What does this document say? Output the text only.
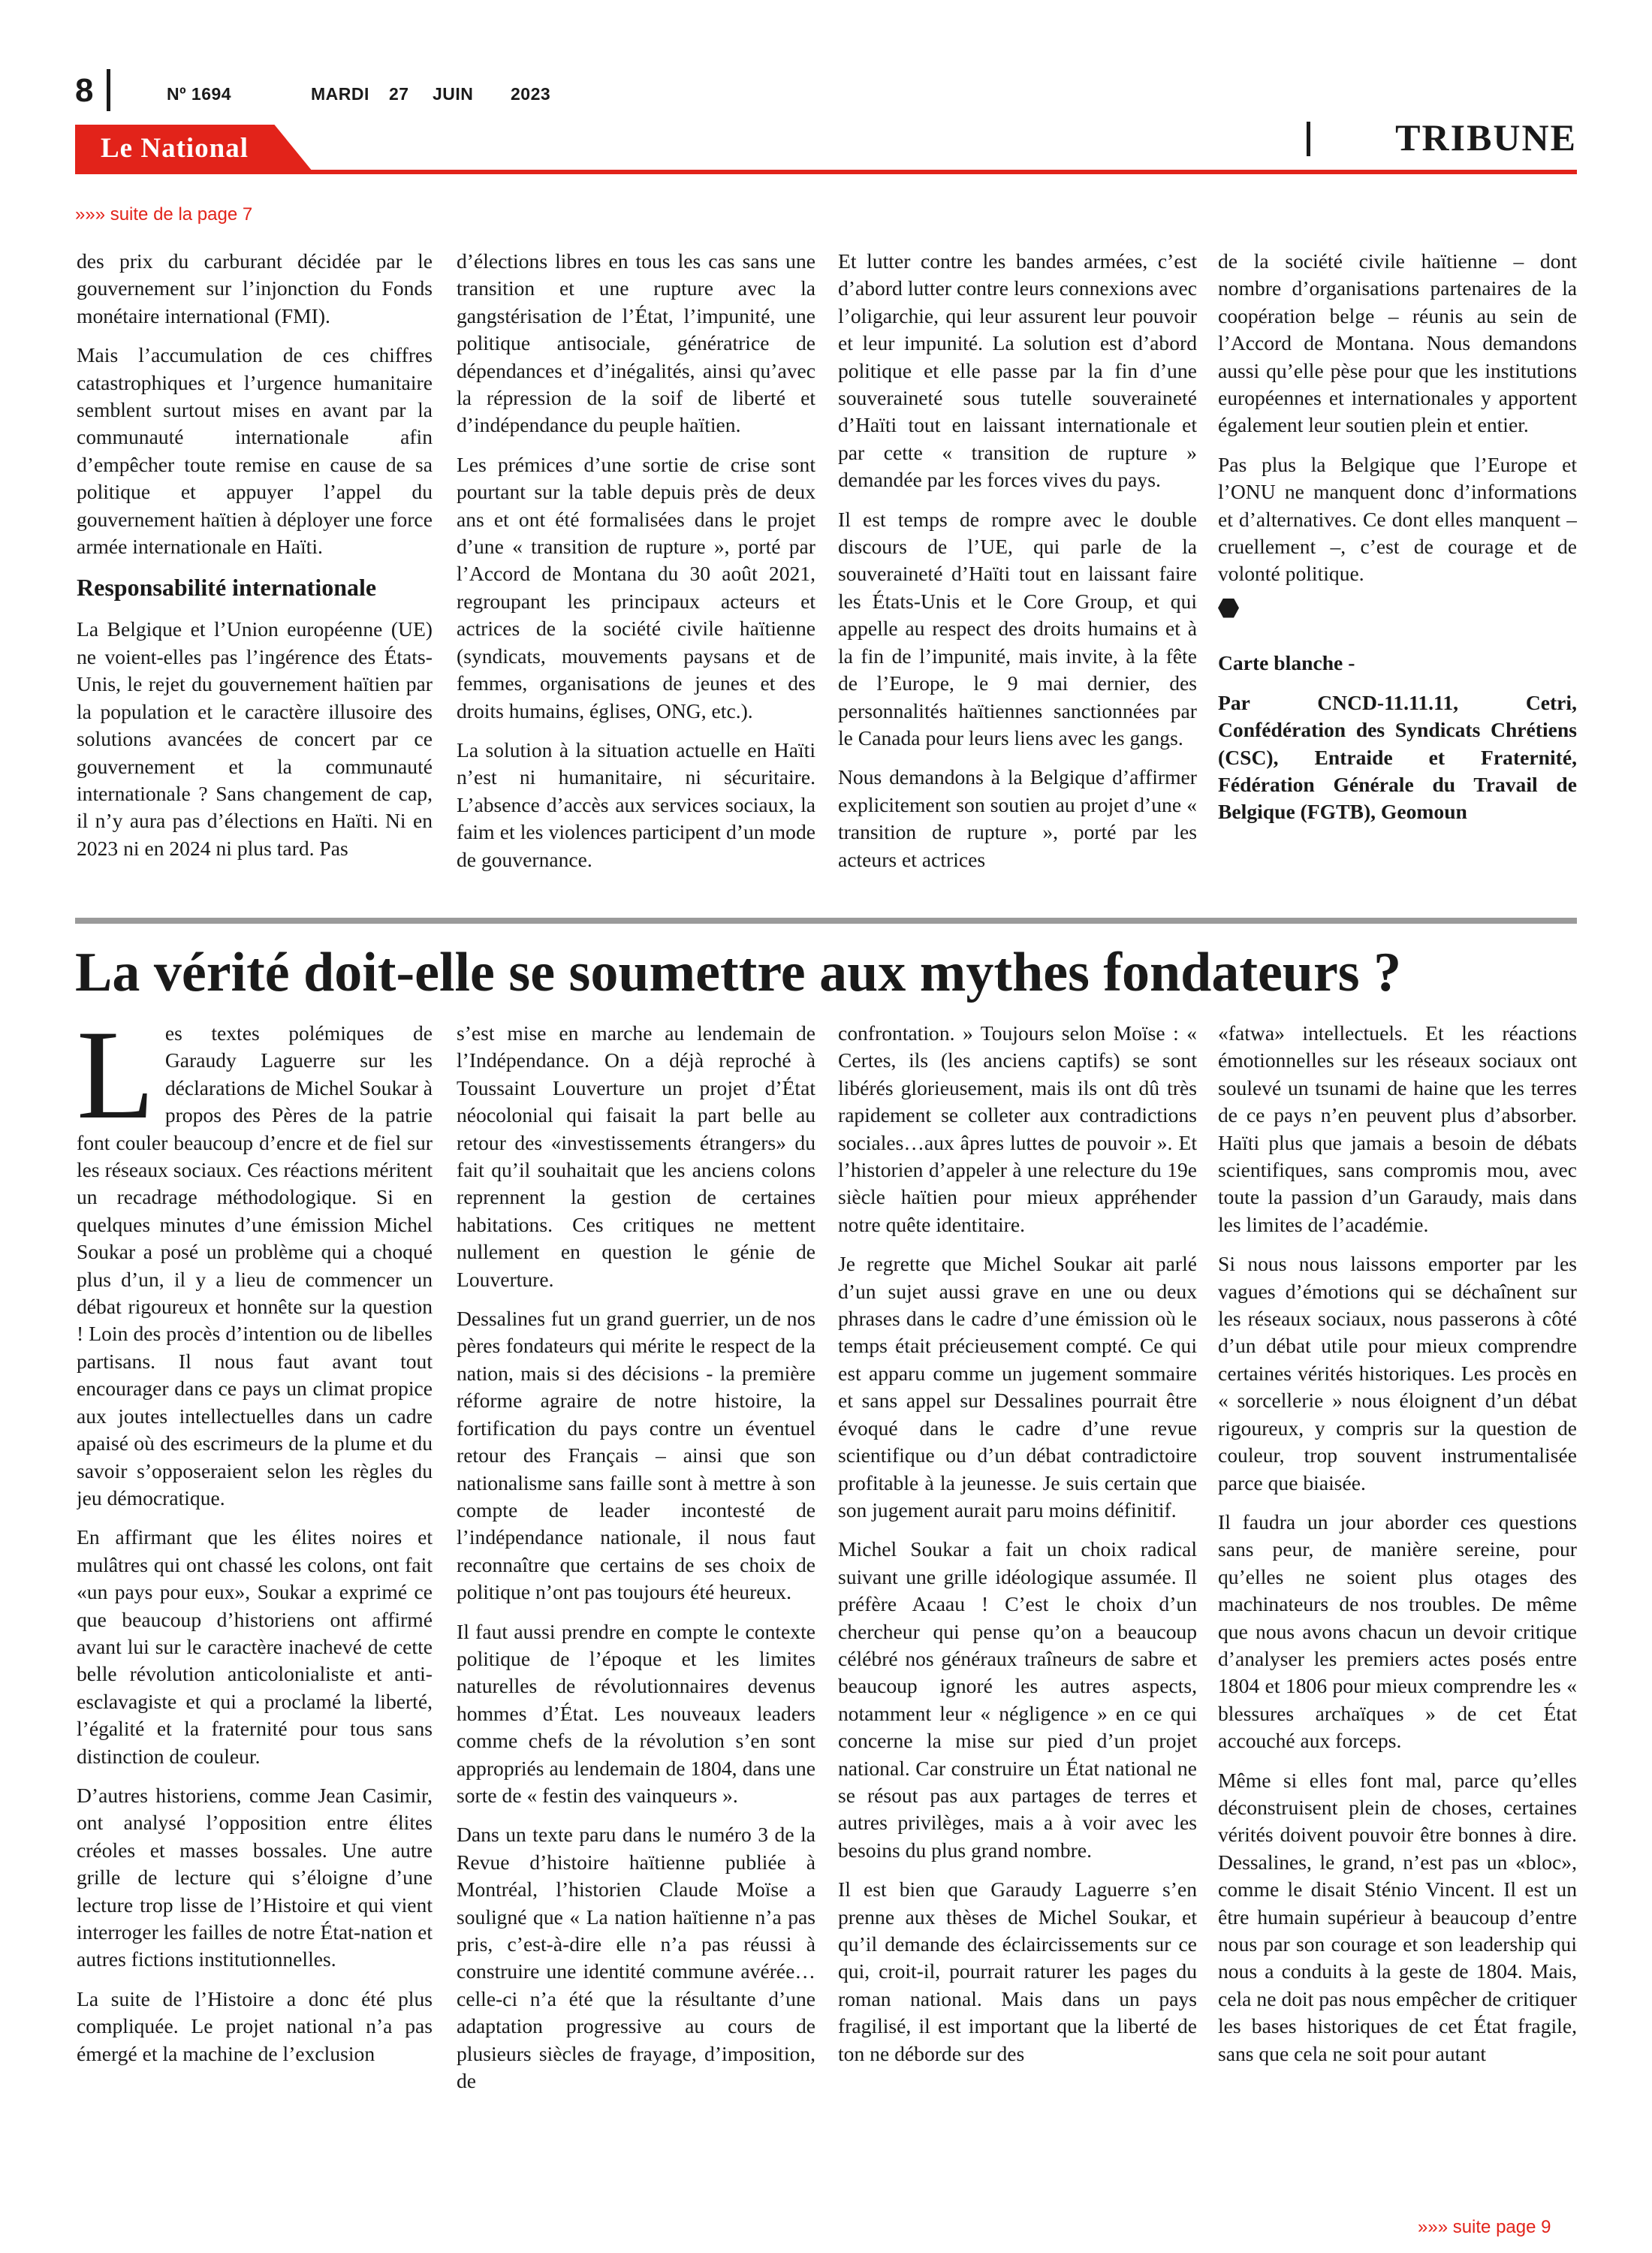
8	Nº 1694	MARDI 27 JUIN 2023
Le National	TRIBUNE
»»» suite de la page 7

des prix du carburant décidée par le gouvernement sur l’injonction du Fonds monétaire international (FMI).

Mais l’accumulation de ces chiffres catastrophiques et l’urgence humanitaire semblent surtout mises en avant par la communauté internationale afin d’empêcher toute remise en cause de sa politique et appuyer l’appel du gouvernement haïtien à déployer une force armée internationale en Haïti.

Responsabilité internationale

La Belgique et l’Union européenne (UE) ne voient-elles pas l’ingérence des États-Unis, le rejet du gouvernement haïtien par la population et le caractère illusoire des solutions avancées de concert par ce gouvernement et la communauté internationale ? Sans changement de cap, il n’y aura pas d’élections en Haïti. Ni en 2023 ni en 2024 ni plus tard. Pas

d’élections libres en tous les cas sans une transition et une rupture avec la gangstérisation de l’État, l’impunité, une politique antisociale, génératrice de dépendances et d’inégalités, ainsi qu’avec la répression de la soif de liberté et d’indépendance du peuple haïtien.

Les prémices d’une sortie de crise sont pourtant sur la table depuis près de deux ans et ont été formalisées dans le projet d’une « transition de rupture », porté par l’Accord de Montana du 30 août 2021, regroupant les principaux acteurs et actrices de la société civile haïtienne (syndicats, mouvements paysans et de femmes, organisations de jeunes et des droits humains, églises, ONG, etc.).

La solution à la situation actuelle en Haïti n’est ni humanitaire, ni sécuritaire. L’absence d’accès aux services sociaux, la faim et les violences participent d’un mode de gouvernance.

Et lutter contre les bandes armées, c’est d’abord lutter contre leurs connexions avec l’oligarchie, qui leur assurent leur pouvoir et leur impunité. La solution est d’abord politique et elle passe par la fin d’une souveraineté sous tutelle souveraineté d’Haïti tout en laissant internationale et par cette « transition de rupture » demandée par les forces vives du pays.

Il est temps de rompre avec le double discours de l’UE, qui parle de la souveraineté d’Haïti tout en laissant faire les États-Unis et le Core Group, et qui appelle au respect des droits humains et à la fin de l’impunité, mais invite, à la fête de l’Europe, le 9 mai dernier, des personnalités haïtiennes sanctionnées par le Canada pour leurs liens avec les gangs.

Nous demandons à la Belgique d’affirmer explicitement son soutien au projet d’une « transition de rupture », porté par les acteurs et actrices

de la société civile haïtienne – dont nombre d’organisations partenaires de la coopération belge – réunis au sein de l’Accord de Montana. Nous demandons aussi qu’elle pèse pour que les institutions européennes et internationales y apportent également leur soutien plein et entier.

Pas plus la Belgique que l’Europe et l’ONU ne manquent donc d’informations et d’alternatives. Ce dont elles manquent – cruellement –, c’est de courage et de volonté politique.

Carte blanche -

Par CNCD-11.11.11, Cetri, Confédération des Syndicats Chrétiens (CSC), Entraide et Fraternité, Fédération Générale du Travail de Belgique (FGTB), Geomoun

La vérité doit-elle se soumettre aux mythes fondateurs ?

Les textes polémiques de Garaudy Laguerre sur les déclarations de Michel Soukar à propos des Pères de la patrie font couler beaucoup d’encre et de fiel sur les réseaux sociaux. Ces réactions méritent un recadrage méthodologique. Si en quelques minutes d’une émission Michel Soukar a posé un problème qui a choqué plus d’un, il y a lieu de commencer un débat rigoureux et honnête sur la question ! Loin des procès d’intention ou de libelles partisans. Il nous faut avant tout encourager dans ce pays un climat propice aux joutes intellectuelles dans un cadre apaisé où des escrimeurs de la plume et du savoir s’opposeraient selon les règles du jeu démocratique.

En affirmant que les élites noires et mulâtres qui ont chassé les colons, ont fait «un pays pour eux», Soukar a exprimé ce que beaucoup d’historiens ont affirmé avant lui sur le caractère inachevé de cette belle révolution anticolonialiste et anti-esclavagiste et qui a proclamé la liberté, l’égalité et la fraternité pour tous sans distinction de couleur.

D’autres historiens, comme Jean Casimir, ont analysé l’opposition entre élites créoles et masses bossales. Une autre grille de lecture qui s’éloigne d’une lecture trop lisse de l’Histoire et qui vient interroger les failles de notre État-nation et autres fictions institutionnelles.

La suite de l’Histoire a donc été plus compliquée. Le projet national n’a pas émergé et la machine de l’exclusion

s’est mise en marche au lendemain de l’Indépendance. On a déjà reproché à Toussaint Louverture un projet d’État néocolonial qui faisait la part belle au retour des «investissements étrangers» du fait qu’il souhaitait que les anciens colons reprennent la gestion de certaines habitations. Ces critiques ne mettent nullement en question le génie de Louverture.

Dessalines fut un grand guerrier, un de nos pères fondateurs qui mérite le respect de la nation, mais si des décisions - la première réforme agraire de notre histoire, la fortification du pays contre un éventuel retour des Français – ainsi que son nationalisme sans faille sont à mettre à son compte de leader incontesté de l’indépendance nationale, il nous faut reconnaître que certains de ses choix de politique n’ont pas toujours été heureux.

Il faut aussi prendre en compte le contexte politique de l’époque et les limites naturelles de révolutionnaires devenus hommes d’État. Les nouveaux leaders comme chefs de la révolution s’en sont appropriés au lendemain de 1804, dans une sorte de « festin des vainqueurs ».

Dans un texte paru dans le numéro 3 de la Revue d’histoire haïtienne publiée à Montréal, l’historien Claude Moïse a souligné que « La nation haïtienne n’a pas pris, c’est-à-dire elle n’a pas réussi à construire une identité commune avérée…celle-ci n’a été que la résultante d’une adaptation progressive au cours de plusieurs siècles de frayage, d’imposition, de

confrontation. » Toujours selon Moïse : « Certes, ils (les anciens captifs) se sont libérés glorieusement, mais ils ont dû très rapidement se colleter aux contradictions sociales…aux âpres luttes de pouvoir ». Et l’historien d’appeler à une relecture du 19e siècle haïtien pour mieux appréhender notre quête identitaire.

Je regrette que Michel Soukar ait parlé d’un sujet aussi grave en une ou deux phrases dans le cadre d’une émission où le temps était précieusement compté. Ce qui est apparu comme un jugement sommaire et sans appel sur Dessalines pourrait être évoqué dans le cadre d’une revue scientifique ou d’un débat contradictoire profitable à la jeunesse. Je suis certain que son jugement aurait paru moins définitif.

Michel Soukar a fait un choix radical suivant une grille idéologique assumée. Il préfère Acaau ! C’est le choix d’un chercheur qui pense qu’on a beaucoup célébré nos généraux traîneurs de sabre et beaucoup ignoré les autres aspects, notamment leur « négligence » en ce qui concerne la mise sur pied d’un projet national. Car construire un État national ne se résout pas aux partages de terres et autres privilèges, mais a à voir avec les besoins du plus grand nombre.

Il est bien que Garaudy Laguerre s’en prenne aux thèses de Michel Soukar, et qu’il demande des éclaircissements sur ce qui, croit-il, pourrait raturer les pages du roman national. Mais dans un pays fragilisé, il est important que la liberté de ton ne déborde sur des

«fatwa» intellectuels. Et les réactions émotionnelles sur les réseaux sociaux ont soulevé un tsunami de haine que les terres de ce pays n’en peuvent plus d’absorber. Haïti plus que jamais a besoin de débats scientifiques, sans compromis mou, avec toute la passion d’un Garaudy, mais dans les limites de l’académie.

Si nous nous laissons emporter par les vagues d’émotions qui se déchaînent sur les réseaux sociaux, nous passerons à côté d’un débat utile pour mieux comprendre certaines vérités historiques. Les procès en « sorcellerie » nous éloignent d’un débat rigoureux, y compris sur la question de couleur, trop souvent instrumentalisée parce que biaisée.

Il faudra un jour aborder ces questions sans peur, de manière sereine, pour qu’elles ne soient plus otages des machinateurs de nos troubles. De même que nous avons chacun un devoir critique d’analyser les premiers actes posés entre 1804 et 1806 pour mieux comprendre les « blessures archaïques » de cet État accouché aux forceps.

Même si elles font mal, parce qu’elles déconstruisent plein de choses, certaines vérités doivent pouvoir être bonnes à dire. Dessalines, le grand, n’est pas un «bloc», comme le disait Sténio Vincent. Il est un être humain supérieur à beaucoup d’entre nous par son courage et son leadership qui nous a conduits à la geste de 1804. Mais, cela ne doit pas nous empêcher de critiquer les bases historiques de cet État fragile, sans que cela ne soit pour autant

»»» suite page 9
